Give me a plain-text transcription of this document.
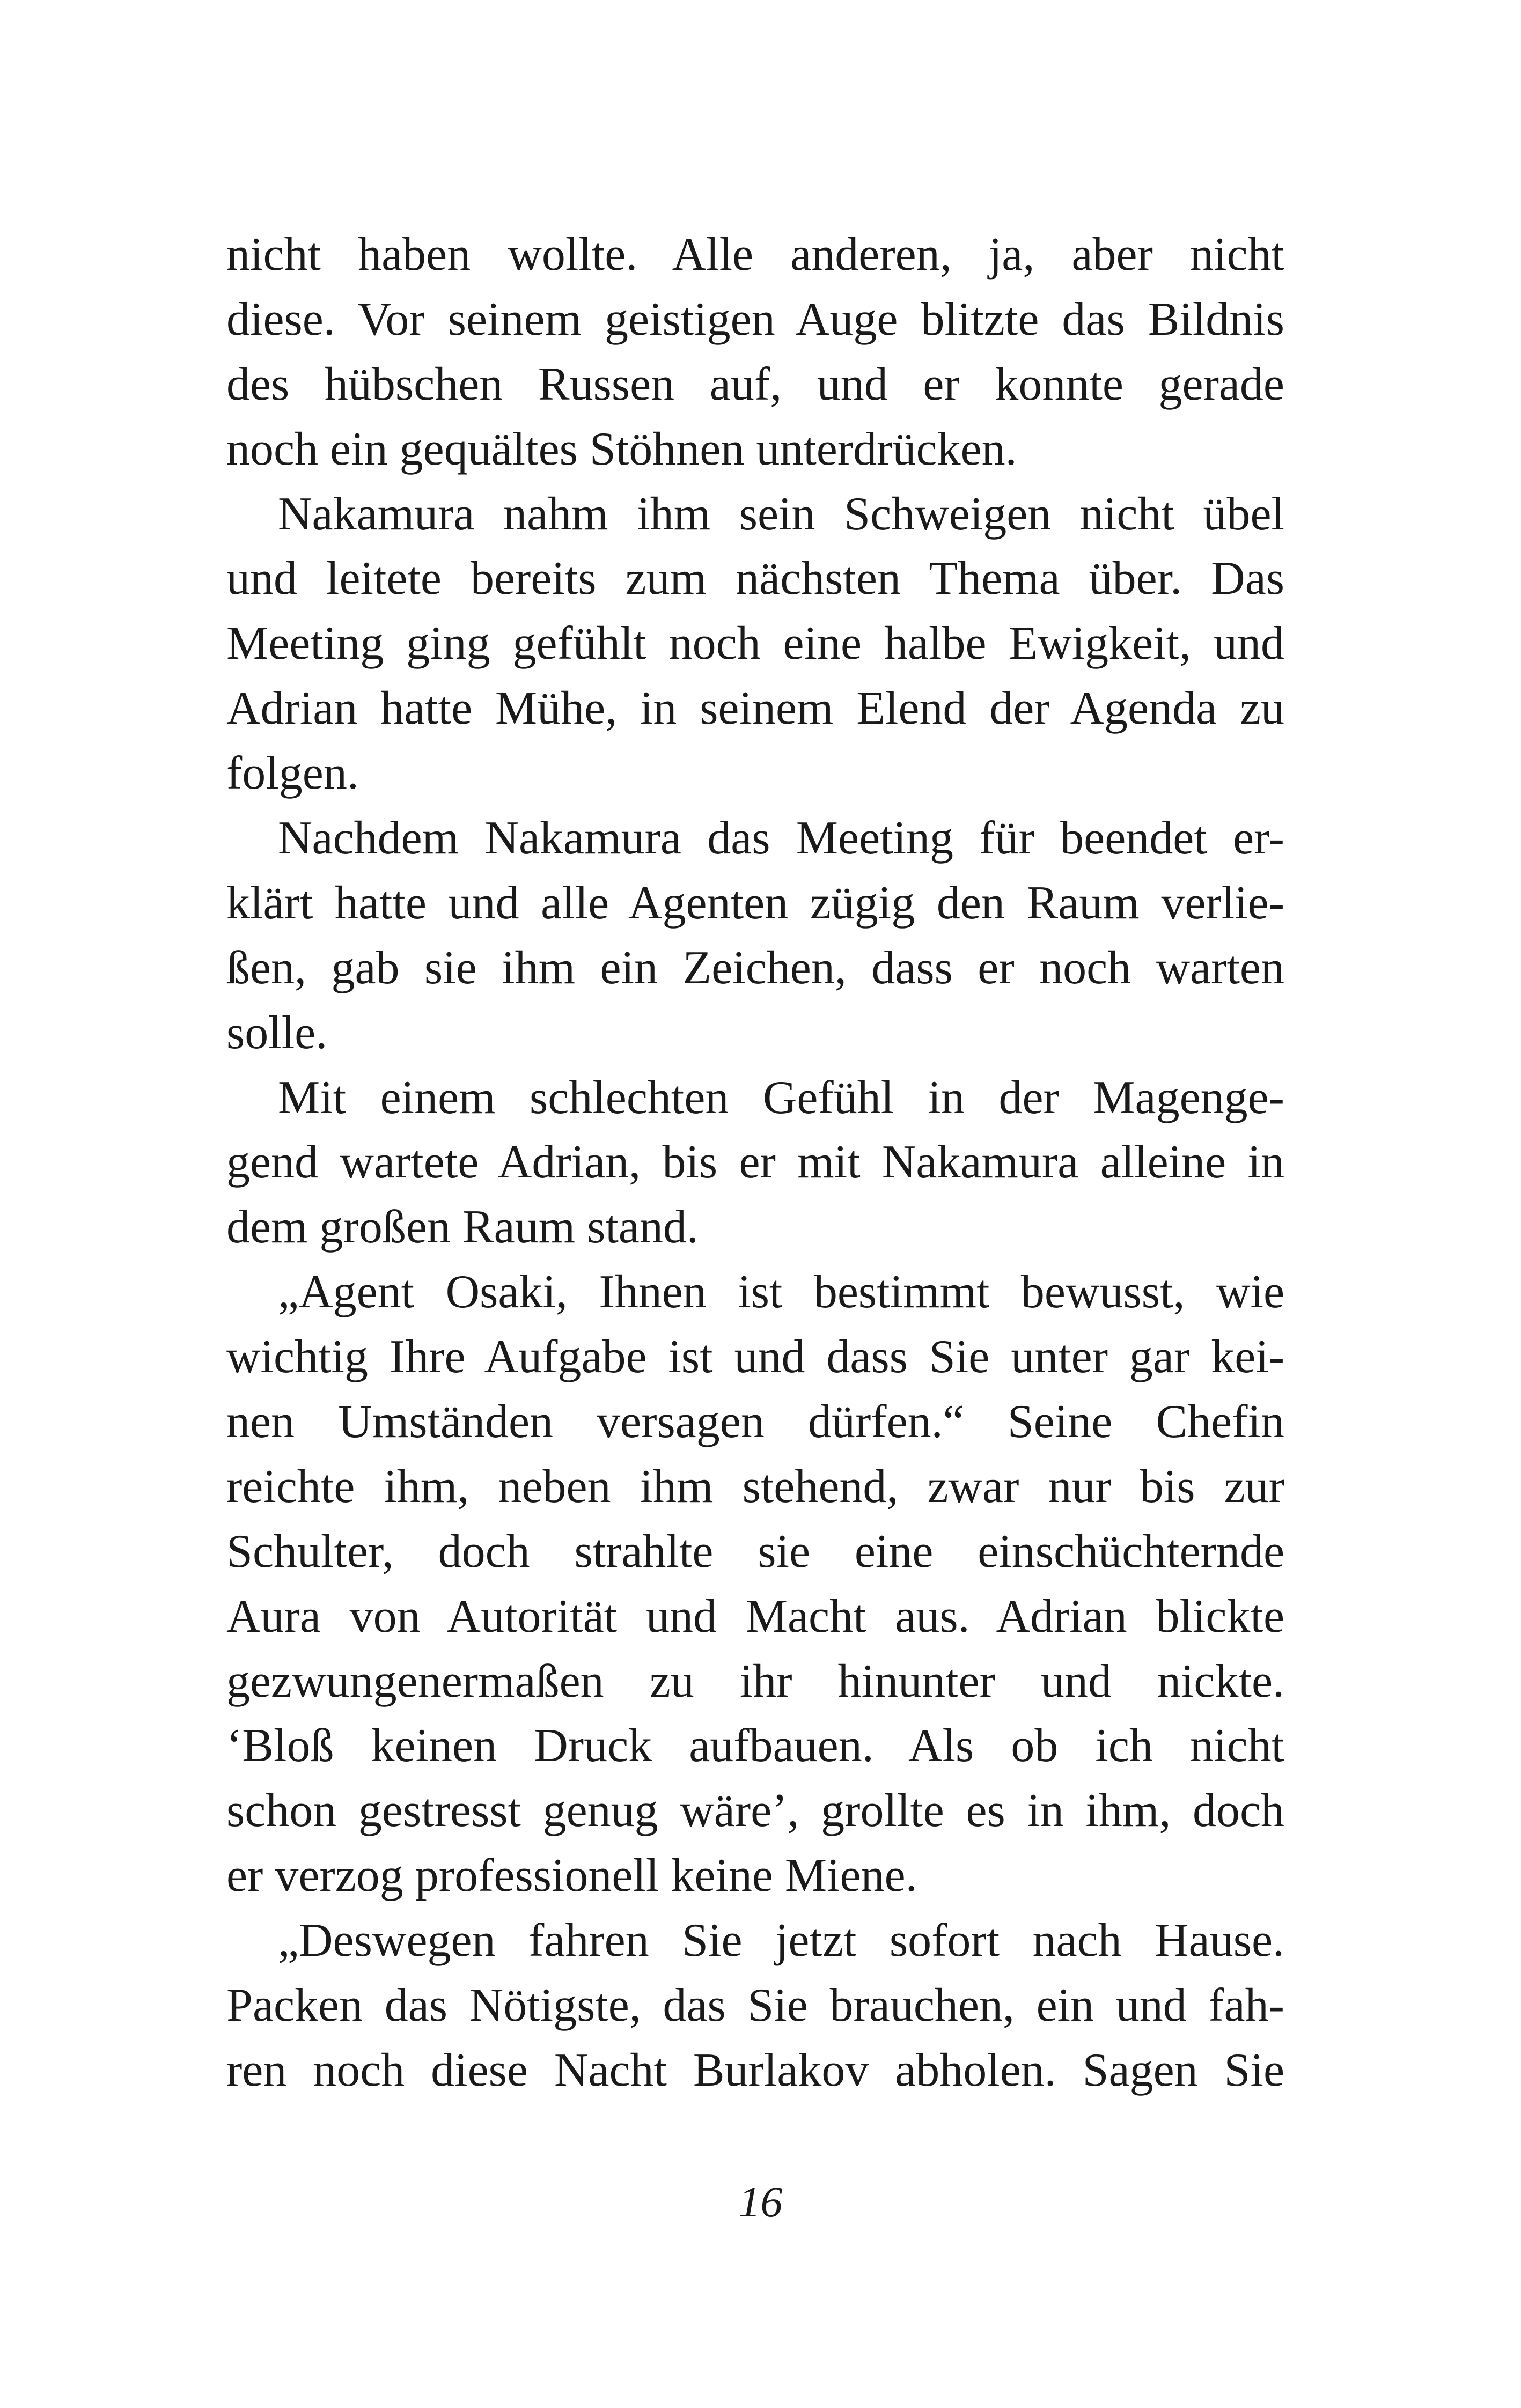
nicht haben wollte. Alle anderen, ja, aber nicht
diese. Vor seinem geistigen Auge blitzte das Bildnis
des hübschen Russen auf, und er konnte gerade
noch ein gequältes Stöhnen unterdrücken.
Nakamura nahm ihm sein Schweigen nicht übel
und leitete bereits zum nächsten Thema über. Das
Meeting ging gefühlt noch eine halbe Ewigkeit, und
Adrian hatte Mühe, in seinem Elend der Agenda zu
folgen.
Nachdem Nakamura das Meeting für beendet er-
klärt hatte und alle Agenten zügig den Raum verlie-
ßen, gab sie ihm ein Zeichen, dass er noch warten
solle.
Mit einem schlechten Gefühl in der Magenge-
gend wartete Adrian, bis er mit Nakamura alleine in
dem großen Raum stand.
„Agent Osaki, Ihnen ist bestimmt bewusst, wie
wichtig Ihre Aufgabe ist und dass Sie unter gar kei-
nen Umständen versagen dürfen.“ Seine Chefin
reichte ihm, neben ihm stehend, zwar nur bis zur
Schulter, doch strahlte sie eine einschüchternde
Aura von Autorität und Macht aus. Adrian blickte
gezwungenermaßen zu ihr hinunter und nickte.
‘Bloß keinen Druck aufbauen. Als ob ich nicht
schon gestresst genug wäre’, grollte es in ihm, doch
er verzog professionell keine Miene.
„Deswegen fahren Sie jetzt sofort nach Hause.
Packen das Nötigste, das Sie brauchen, ein und fah-
ren noch diese Nacht Burlakov abholen. Sagen Sie
16
